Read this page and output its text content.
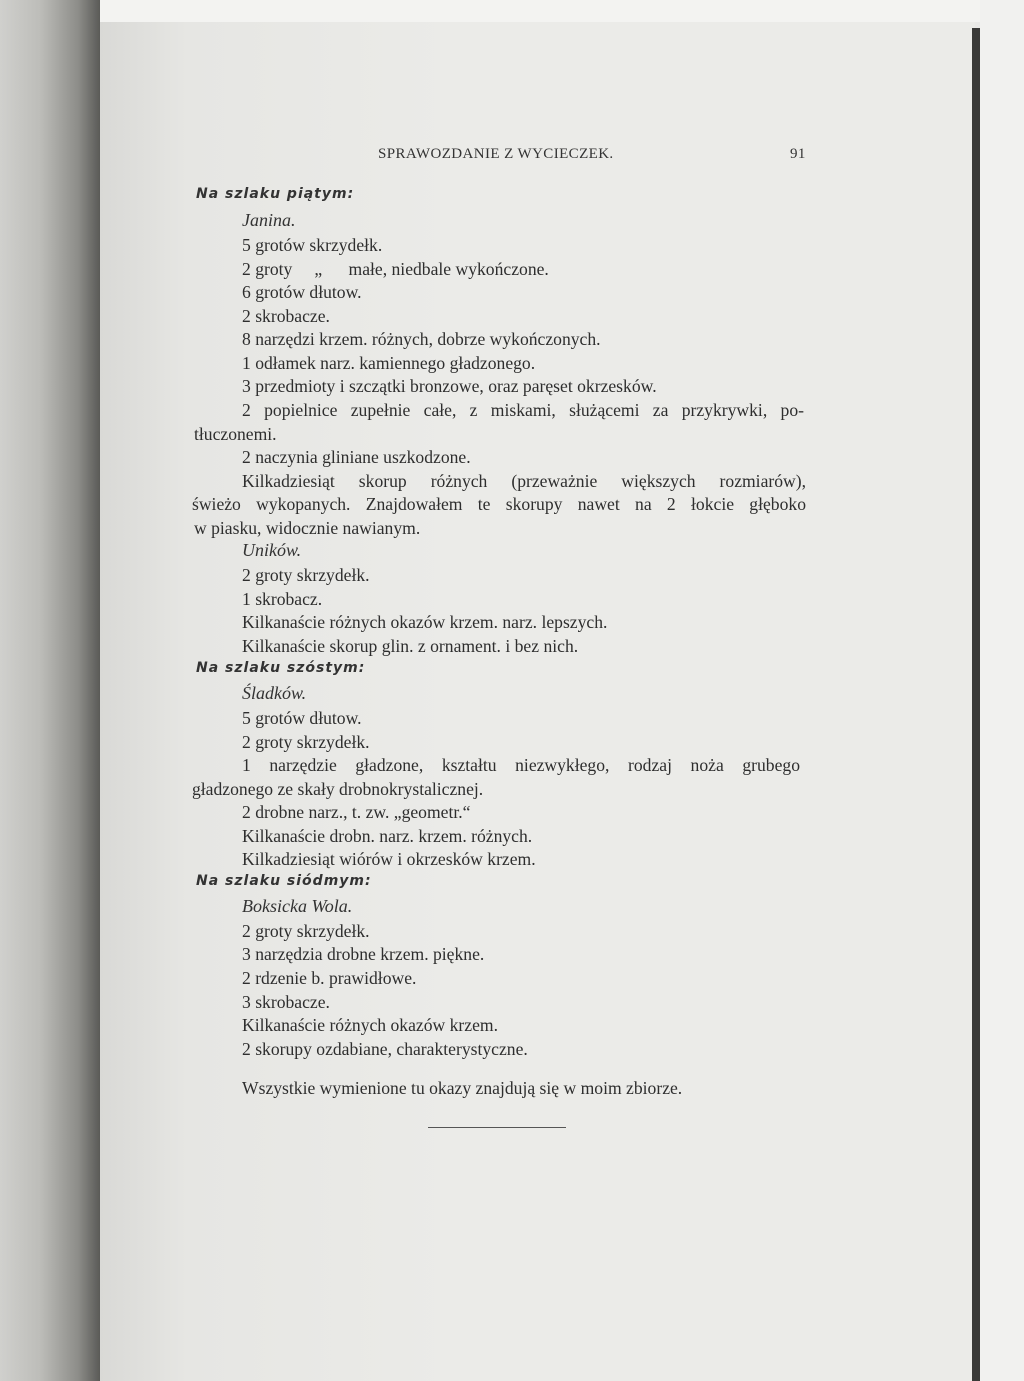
SPRAWOZDANIE Z WYCIECZEK.	91
Na szlaku piątym:
Janina.
5 grotów skrzydełk.
2 groty     „      małe, niedbale wykończone.
6 grotów dłutow.
2 skrobacze.
8 narzędzi krzem. różnych, dobrze wykończonych.
1 odłamek narz. kamiennego gładzonego.
3 przedmioty i szczątki bronzowe, oraz paręset okrzesków.
2 popielnice zupełnie całe, z miskami, służącemi za przykrywki, po-
tłuczonemi.
2 naczynia gliniane uszkodzone.
Kilkadziesiąt skorup różnych (przeważnie większych rozmiarów),
świeżo wykopanych. Znajdowałem te skorupy nawet na 2 łokcie głęboko
w piasku, widocznie nawianym.
Uników.
2 groty skrzydełk.
1 skrobacz.
Kilkanaście różnych okazów krzem. narz. lepszych.
Kilkanaście skorup glin. z ornament. i bez nich.
Na szlaku szóstym:
Śladków.
5 grotów dłutow.
2 groty skrzydełk.
1 narzędzie gładzone, kształtu niezwykłego, rodzaj noża grubego
gładzonego ze skały drobnokrystalicznej.
2 drobne narz., t. zw. „geometr.“
Kilkanaście drobn. narz. krzem. różnych.
Kilkadziesiąt wiórów i okrzesków krzem.
Na szlaku siódmym:
Boksicka Wola.
2 groty skrzydełk.
3 narzędzia drobne krzem. piękne.
2 rdzenie b. prawidłowe.
3 skrobacze.
Kilkanaście różnych okazów krzem.
2 skorupy ozdabiane, charakterystyczne.
Wszystkie wymienione tu okazy znajdują się w moim zbiorze.
